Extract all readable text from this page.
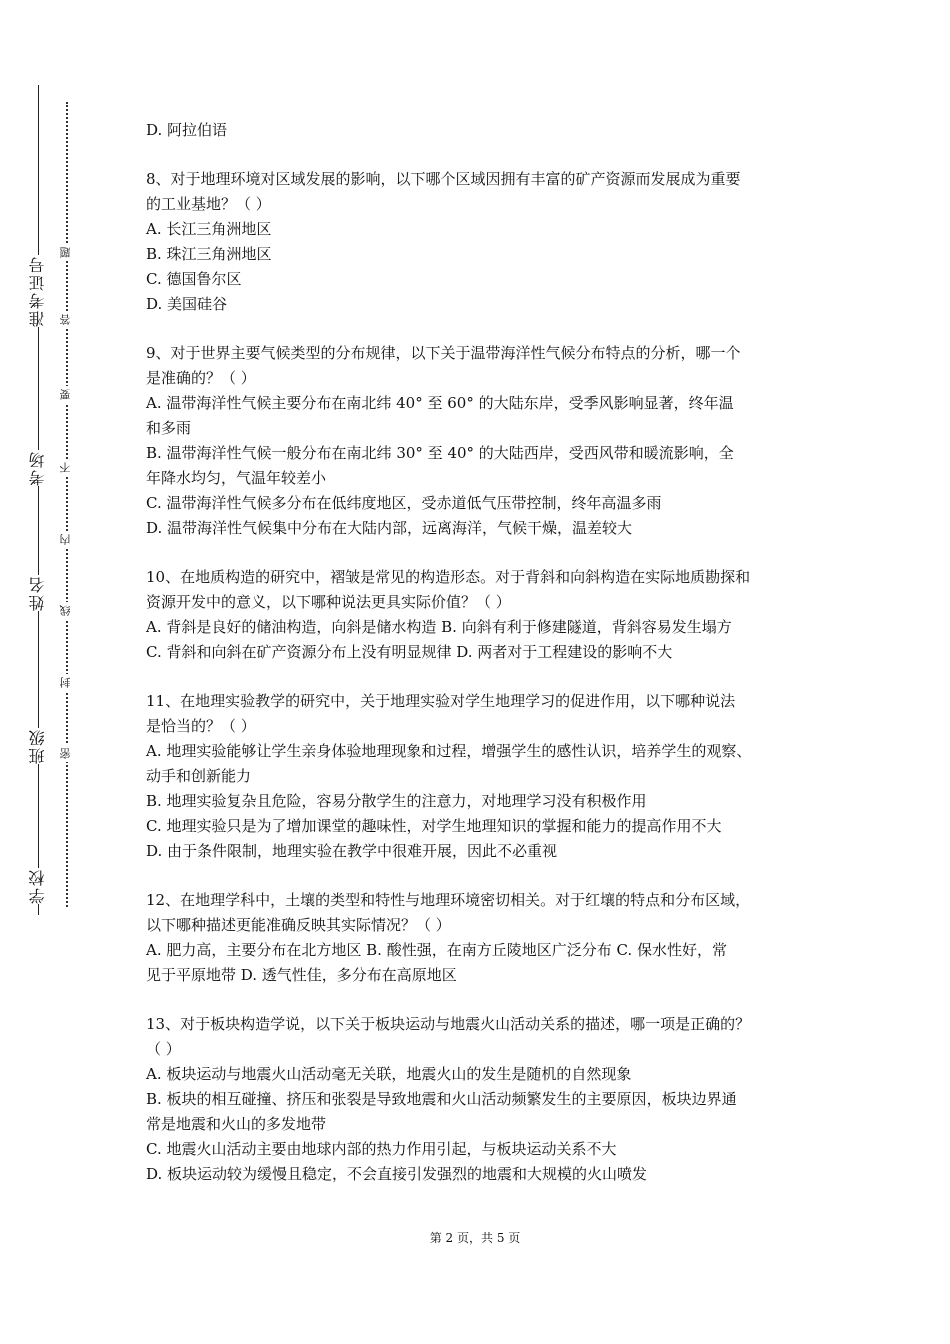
准考证号
考场
姓名
班级
学校
题
答
要
不
内
线
封
密

D. 阿拉伯语

8、对于地理环境对区域发展的影响，以下哪个区域因拥有丰富的矿产资源而发展成为重要

的工业基地？（ ）

A. 长江三角洲地区

B. 珠江三角洲地区

C. 德国鲁尔区

D. 美国硅谷

9、对于世界主要气候类型的分布规律，以下关于温带海洋性气候分布特点的分析，哪一个

是准确的？（ ）

A. 温带海洋性气候主要分布在南北纬 40° 至 60° 的大陆东岸，受季风影响显著，终年温

和多雨

B. 温带海洋性气候一般分布在南北纬 30° 至 40° 的大陆西岸，受西风带和暖流影响，全

年降水均匀，气温年较差小

C. 温带海洋性气候多分布在低纬度地区，受赤道低气压带控制，终年高温多雨

D. 温带海洋性气候集中分布在大陆内部，远离海洋，气候干燥，温差较大

10、在地质构造的研究中，褶皱是常见的构造形态。对于背斜和向斜构造在实际地质勘探和

资源开发中的意义，以下哪种说法更具实际价值？（ ）

A. 背斜是良好的储油构造，向斜是储水构造 B. 向斜有利于修建隧道，背斜容易发生塌方

C. 背斜和向斜在矿产资源分布上没有明显规律 D. 两者对于工程建设的影响不大

11、在地理实验教学的研究中，关于地理实验对学生地理学习的促进作用，以下哪种说法

是恰当的？（ ）

A. 地理实验能够让学生亲身体验地理现象和过程，增强学生的感性认识，培养学生的观察、

动手和创新能力

B. 地理实验复杂且危险，容易分散学生的注意力，对地理学习没有积极作用

C. 地理实验只是为了增加课堂的趣味性，对学生地理知识的掌握和能力的提高作用不大

D. 由于条件限制，地理实验在教学中很难开展，因此不必重视

12、在地理学科中，土壤的类型和特性与地理环境密切相关。对于红壤的特点和分布区域，

以下哪种描述更能准确反映其实际情况？（ ）

A. 肥力高，主要分布在北方地区 B. 酸性强，在南方丘陵地区广泛分布 C. 保水性好，常

见于平原地带 D. 透气性佳，多分布在高原地区

13、对于板块构造学说，以下关于板块运动与地震火山活动关系的描述，哪一项是正确的？

（ ）

A. 板块运动与地震火山活动毫无关联，地震火山的发生是随机的自然现象

B. 板块的相互碰撞、挤压和张裂是导致地震和火山活动频繁发生的主要原因，板块边界通

常是地震和火山的多发地带

C. 地震火山活动主要由地球内部的热力作用引起，与板块运动关系不大

D. 板块运动较为缓慢且稳定，不会直接引发强烈的地震和大规模的火山喷发

第 2 页，共 5 页
